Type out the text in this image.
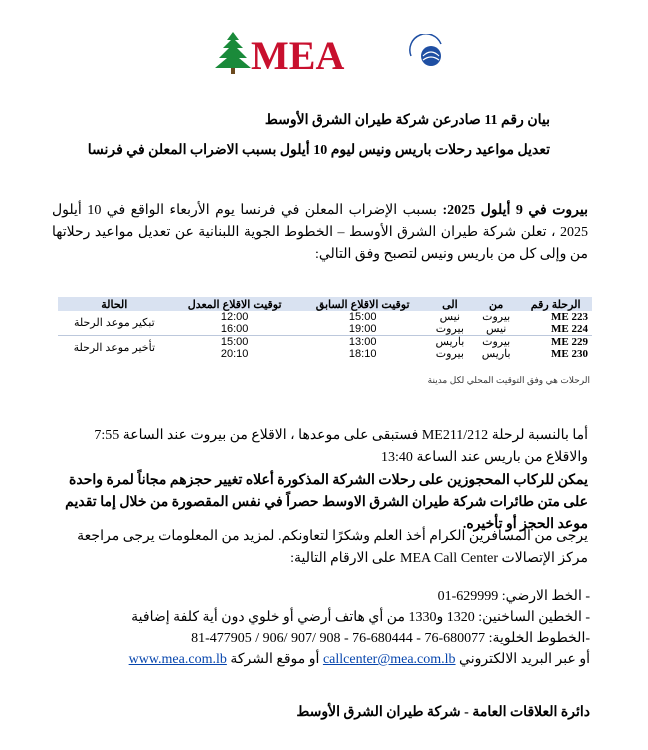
MEA
بيان رقم 11 صادرعن شركة طيران الشرق الأوسط
تعديل مواعيد رحلات باريس ونيس ليوم 10 أيلول بسبب الاضراب المعلن في فرنسا
بيروت في 9 أيلول 2025: بسبب الإضراب المعلن في فرنسا يوم الأربعاء الواقع في 10 أيلول 2025 ، تعلن شركة طيران الشرق الأوسط – الخطوط الجوية اللبنانية عن تعديل مواعيد رحلاتها من وإلى كل من باريس ونيس لتصبح وفق التالي:
الرحلة رقم	من	الى	توقيت الاقلاع السابق	توقيت الاقلاع المعدل	الحالة
ME 223	بيروت	نيس	15:00	12:00	تبكير موعد الرحلة
ME 224	نيس	بيروت	19:00	16:00	
ME 229	بيروت	باريس	13:00	15:00	تأخير موعد الرحلة
ME 230	باريس	بيروت	18:10	20:10	
الرحلات هي وفق التوقيت المحلي لكل مدينة
أما بالنسبة لرحلة ME211/212 فستبقى على موعدها ، الاقلاع من بيروت عند الساعة 7:55 والاقلاع من باريس عند الساعة 13:40
يمكن للركاب المحجوزين على رحلات الشركة المذكورة أعلاه تغيير حجزهم مجاناً لمرة واحدة على متن طائرات شركة طيران الشرق الاوسط حصراً في نفس المقصورة من خلال إما تقديم موعد الحجز أو تأخيره.
يرجى من المسافرين الكرام أخذ العلم وشكرًا لتعاونكم. لمزيد من المعلومات يرجى مراجعة مركز الإتصالات MEA Call Center على الارقام التالية:
- الخط الارضي: 629999-01
- الخطين الساخنين: 1320 و1330 من أي هاتف أرضي أو خلوي دون أية كلفة إضافية
-الخطوط الخلوية: 680077-76 - 680444-76 - 908 /907 /906 / 477905-81
أو عبر البريد الالكتروني callcenter@mea.com.lb أو موقع الشركة www.mea.com.lb
دائرة العلاقات العامة - شركة طيران الشرق الأوسط
